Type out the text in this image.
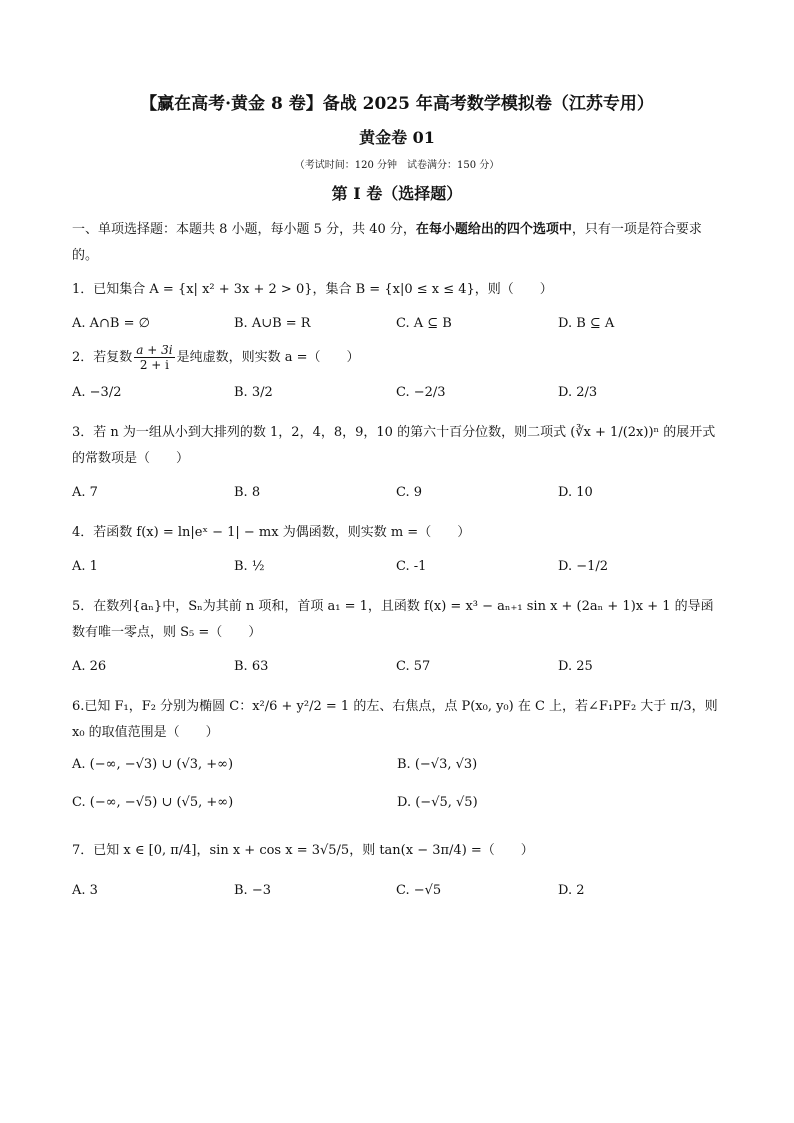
【赢在高考·黄金 8 卷】备战 2025 年高考数学模拟卷（江苏专用）
黄金卷 01
（考试时间：120 分钟　试卷满分：150 分）
第 I 卷（选择题）
一、单项选择题：本题共 8 小题，每小题 5 分，共 40 分，在每小题给出的四个选项中，只有一项是符合要求的。
1．已知集合 A = {x| x² + 3x + 2 > 0}，集合 B = {x|0 ≤ x ≤ 4}，则（　　）
A. A∩B = ∅	B. A∪B = R	C. A ⊆ B	D. B ⊆ A
2．若复数 $\frac{a + 3i}{2 + i}$ 是纯虚数，则实数 a =（　　）
A. −3/2	B. 3/2	C. −2/3	D. 2/3
3．若 n 为一组从小到大排列的数 1，2，4，8，9，10 的第六十百分位数，则二项式 (∛x + 1/(2x))ⁿ 的展开式的常数项是（　　）
A. 7	B. 8	C. 9	D. 10
4．若函数 f(x) = ln|eˣ − 1| − mx 为偶函数，则实数 m =（　　）
A. 1	B. ½	C. -1	D. −1/2
5．在数列{aₙ}中，Sₙ为其前 n 项和，首项 a₁ = 1，且函数 f(x) = x³ − aₙ₊₁ sin x + (2aₙ + 1)x + 1 的导函数有唯一零点，则 S₅ =（　　）
A. 26	B. 63	C. 57	D. 25
6.已知 F₁，F₂ 分别为椭圆 C：x²/6 + y²/2 = 1 的左、右焦点，点 P(x₀, y₀) 在 C 上，若∠F₁PF₂ 大于 π/3，则 x₀ 的取值范围是（　　）
A. (−∞, −√3) ∪ (√3, +∞)	B. (−√3, √3)
C. (−∞, −√5) ∪ (√5, +∞)	D. (−√5, √5)
7．已知 x ∈ [0, π/4]，sin x + cos x = 3√5/5，则 tan(x − 3π/4) =（　　）
A. 3	B. −3	C. −√5	D. 2
